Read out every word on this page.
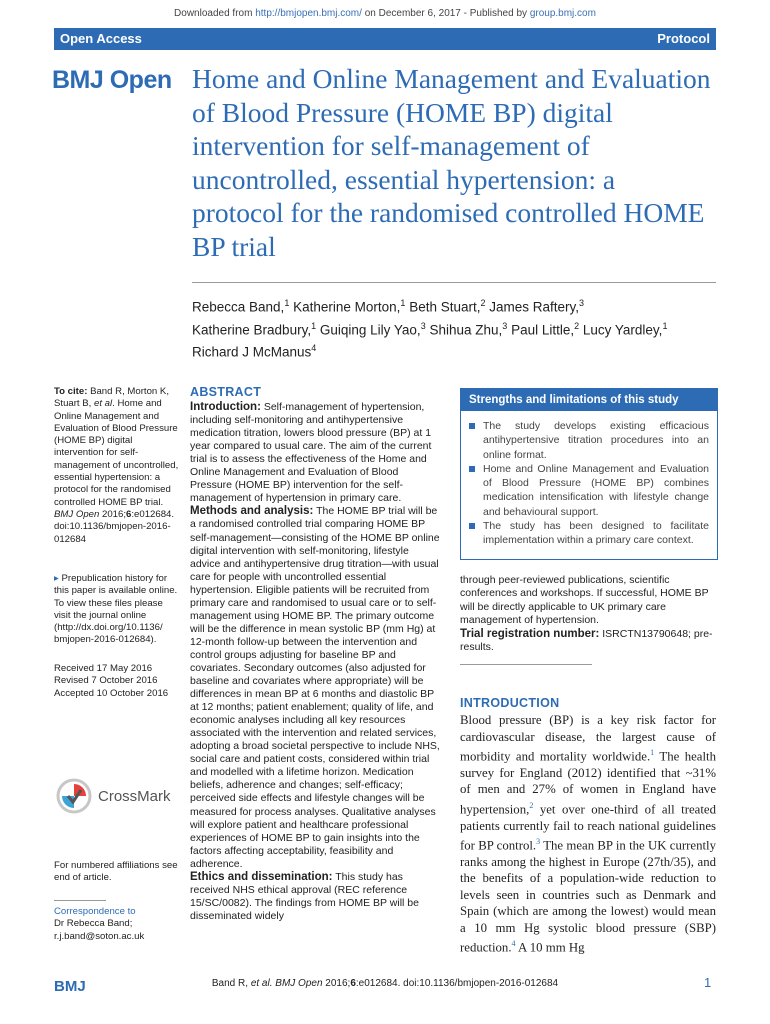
Downloaded from http://bmjopen.bmj.com/ on December 6, 2017 - Published by group.bmj.com
Open Access	Protocol
BMJ Open Home and Online Management and Evaluation of Blood Pressure (HOME BP) digital intervention for self-management of uncontrolled, essential hypertension: a protocol for the randomised controlled HOME BP trial
Rebecca Band,$^1$ Katherine Morton,$^1$ Beth Stuart,$^2$ James Raftery,$^3$
Katherine Bradbury,$^1$ Guiqing Lily Yao,$^3$ Shihua Zhu,$^3$ Paul Little,$^2$ Lucy Yardley,$^1$
Richard J McManus$^4$
To cite: Band R, Morton K,
Stuart B, et al. Home and
Online Management and
Evaluation of Blood Pressure
(HOME BP) digital
intervention for self-
management of uncontrolled,
essential hypertension: a
protocol for the randomised
controlled HOME BP trial.
BMJ Open 2016;6:e012684.
doi:10.1136/bmjopen-2016-
012684
▸ Prepublication history for
this paper is available online.
To view these files please
visit the journal online
(http://dx.doi.org/10.1136/
bmjopen-2016-012684).
Received 17 May 2016
Revised 7 October 2016
Accepted 10 October 2016
CrossMark
For numbered affiliations see
end of article.
Correspondence to
Dr Rebecca Band;
r.j.band@soton.ac.uk
ABSTRACT
Introduction: Self-management of hypertension, including self-monitoring and antihypertensive medication titration, lowers blood pressure (BP) at 1 year compared to usual care. The aim of the current trial is to assess the effectiveness of the Home and Online Management and Evaluation of Blood Pressure (HOME BP) intervention for the self-management of hypertension in primary care.
Methods and analysis: The HOME BP trial will be a randomised controlled trial comparing HOME BP self-management—consisting of the HOME BP online digital intervention with self-monitoring, lifestyle advice and antihypertensive drug titration—with usual care for people with uncontrolled essential hypertension. Eligible patients will be recruited from primary care and randomised to usual care or to self-management using HOME BP. The primary outcome will be the difference in mean systolic BP (mm Hg) at 12-month follow-up between the intervention and control groups adjusting for baseline BP and covariates. Secondary outcomes (also adjusted for baseline and covariates where appropriate) will be differences in mean BP at 6 months and diastolic BP at 12 months; patient enablement; quality of life, and economic analyses including all key resources associated with the intervention and related services, adopting a broad societal perspective to include NHS, social care and patient costs, considered within trial and modelled with a lifetime horizon. Medication beliefs, adherence and changes; self-efficacy; perceived side effects and lifestyle changes will be measured for process analyses. Qualitative analyses will explore patient and healthcare professional experiences of HOME BP to gain insights into the factors affecting acceptability, feasibility and adherence.
Ethics and dissemination: This study has received NHS ethical approval (REC reference 15/SC/0082). The findings from HOME BP will be disseminated widely
Strengths and limitations of this study
The study develops existing efficacious antihypertensive titration procedures into an online format.
Home and Online Management and Evaluation of Blood Pressure (HOME BP) combines medication intensification with lifestyle change and behavioural support.
The study has been designed to facilitate implementation within a primary care context.
through peer-reviewed publications, scientific conferences and workshops. If successful, HOME BP will be directly applicable to UK primary care management of hypertension.
Trial registration number: ISRCTN13790648; pre-results.
INTRODUCTION
Blood pressure (BP) is a key risk factor for cardiovascular disease, the largest cause of morbidity and mortality worldwide.$^1$ The health survey for England (2012) identified that ~31% of men and 27% of women in England have hypertension,$^2$ yet over one-third of all treated patients currently fail to reach national guidelines for BP control.$^3$ The mean BP in the UK currently ranks among the highest in Europe (27th/35), and the benefits of a population-wide reduction to levels seen in countries such as Denmark and Spain (which are among the lowest) would mean a 10 mm Hg systolic blood pressure (SBP) reduction.$^4$ A 10 mm Hg
BMJ	Band R, et al. BMJ Open 2016;6:e012684. doi:10.1136/bmjopen-2016-012684	1
